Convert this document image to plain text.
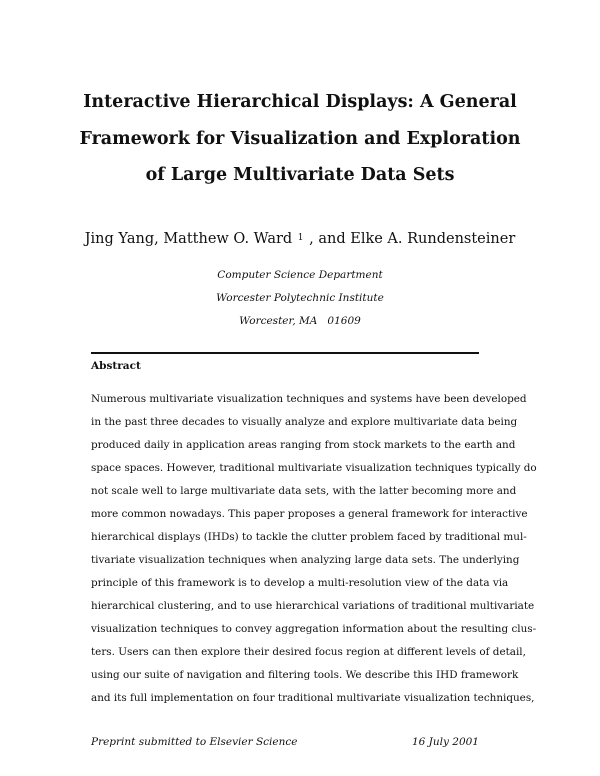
Interactive Hierarchical Displays: A General
Framework for Visualization and Exploration
of Large Multivariate Data Sets
Jing Yang, Matthew O. Ward $^1$ , and Elke A. Rundensteiner
Computer Science Department
Worcester Polytechnic Institute
Worcester, MA   01609
Abstract
Numerous multivariate visualization techniques and systems have been developed
in the past three decades to visually analyze and explore multivariate data being
produced daily in application areas ranging from stock markets to the earth and
space spaces. However, traditional multivariate visualization techniques typically do
not scale well to large multivariate data sets, with the latter becoming more and
more common nowadays. This paper proposes a general framework for interactive
hierarchical displays (IHDs) to tackle the clutter problem faced by traditional mul-
tivariate visualization techniques when analyzing large data sets. The underlying
principle of this framework is to develop a multi-resolution view of the data via
hierarchical clustering, and to use hierarchical variations of traditional multivariate
visualization techniques to convey aggregation information about the resulting clus-
ters. Users can then explore their desired focus region at different levels of detail,
using our suite of navigation and filtering tools. We describe this IHD framework
and its full implementation on four traditional multivariate visualization techniques,
Preprint submitted to Elsevier Science	16 July 2001
